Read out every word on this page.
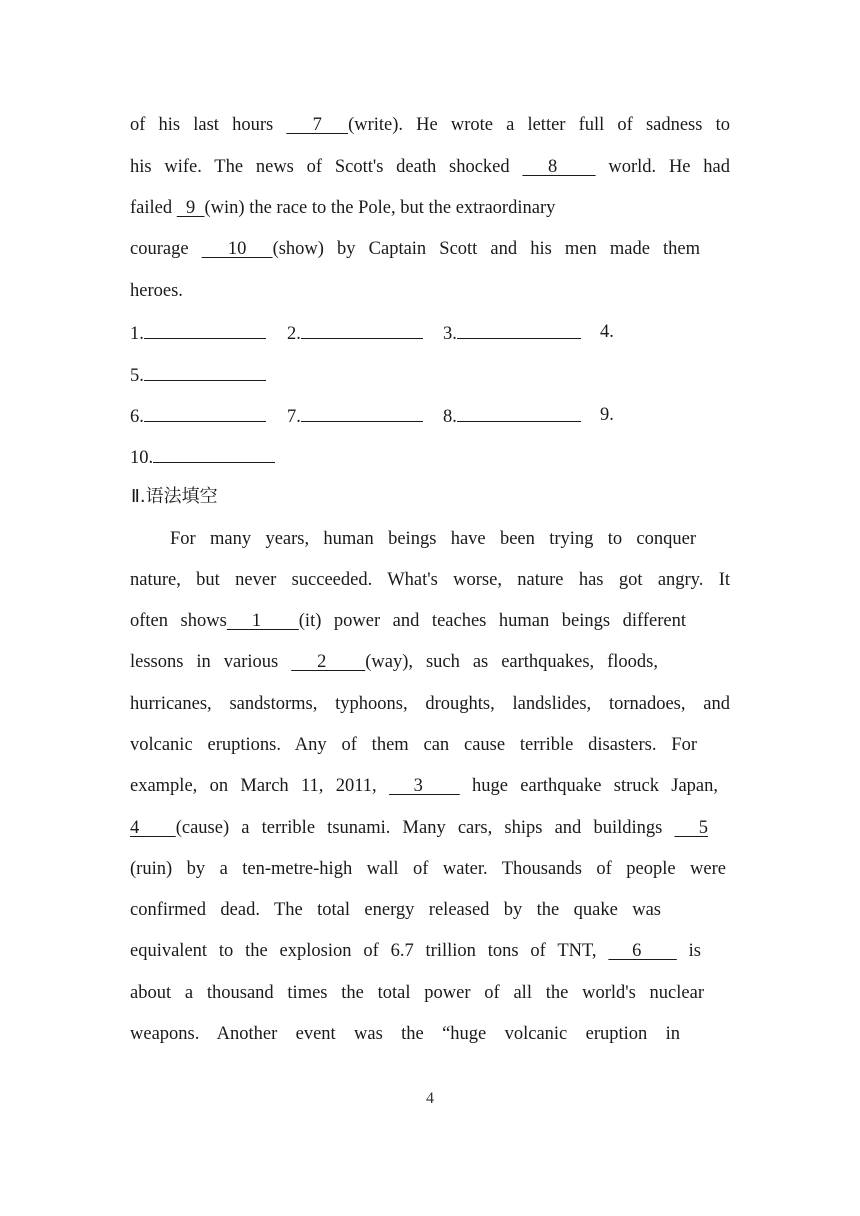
of his last hours   7  (write). He wrote a letter full of sadness to
his wife. The news of Scott's death shocked   8    world. He had
failed   9  (win) the race to the Pole, but the extraordinary
courage   10  (show) by Captain Scott and his men made them
heroes.
1.	2.	3.	4.
5.
6.	7.	8.	9.
10.
Ⅱ.语法填空
For many years, human beings have been trying to conquer
nature, but never succeeded. What's worse, nature has got angry. It
often shows  1   (it) power and teaches human beings different
lessons in various   2   (way), such as earthquakes, floods,
hurricanes, sandstorms, typhoons, droughts, landslides, tornadoes, and
volcanic eruptions. Any of them can cause terrible disasters. For
example, on March 11, 2011,   3    huge earthquake struck Japan,
4   (cause) a terrible tsunami. Many cars, ships and buildings   5
(ruin) by a ten-metre-high wall of water. Thousands of people were
confirmed dead. The total energy released by the quake was
equivalent to the explosion of 6.7 trillion tons of TNT,   6    is
about a thousand times the total power of all the world's nuclear
weapons. Another event was the “huge volcanic eruption in
4
